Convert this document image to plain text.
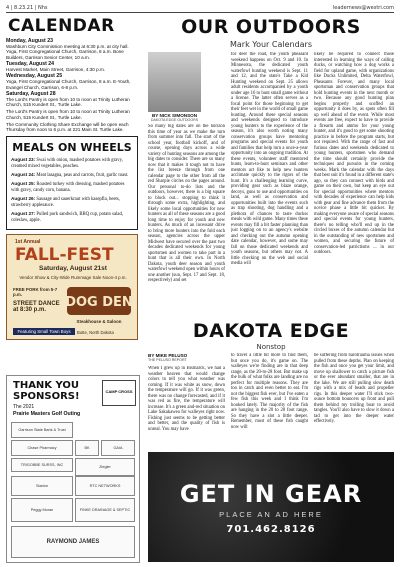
4 | 8.23.21 | Nhs	leadernews@westri.com
CALENDAR
Monday, August 23
Washburn City Commission meeting at 6:30 p.m. at city hall. Yoga, First Congregational Church, Garrison, 8 a.m. Bone Builders, Garrison Senior Center, 10 a.m.
Tuesday, August 24
Harvest Market, Main Street, Garrison, 4:30 p.m.
Wednesday, August 25
Yoga, First Congregational Church, Garrison, 8 a.m. E-Youth, Evangel Church, Garrison, 6-8 p.m.
Saturday, August 28
The Lord's Pantry is open from 10 to noon at Trinity Lutheran Church, 515 Kundert St., Turtle Lake.
The Lord's Pantry is open from 10 to noon at Trinity Lutheran Church, 515 Kundert St., Turtle Lake.
The Community Clothing Share Exchange will be open each Thursday from noon to 6 p.m. at 221 Main St. Turtle Lake.
MEALS ON WHEELS
August 23: Swai with onion, mashed potatoes with gravy, creamed mixed vegetables, peaches.
August 24: Meat lasagna, peas and carrots, fruit, garlic toast.
August 25: Roasted turkey with dressing, mashed potatoes with gravy, candy corn, banana.
August 26: Sausage and sauerkraut with kasepfla, beets, strawberry applesauce.
August 27: Pulled pork sandwich, BBQ cup, potato salad, coleslaw, apple.
1st Annual
FALL-FEST
Saturday, August 21st
Vendor Show & City-Wide Rummage Sale Noon-4 p.m.
FREE PORK from 5-7 p.m.
STREET DANCE at 8:30 p.m.
DOG DEN
Steakhouse & Saloon
Featuring Small Town Boys	Butte, North Dakota
THANK YOU SPONSORS!
The 2021
Prairie Masters Golf Outing
CAMP CROSS
Garrison State Bank & Trust
Chase Pharmacy	BK	GAIA
TRIGOBBE SURSS, INC	Ziegler
Starion	RTC NETWORKS
Peggy Moran	FINKE DRAINAGE & SEPTIC
RAYMOND JAMES
OUR OUTDOORS
Mark Your Calendars
BY NICK SIMONSON
DAKOTA EDGE OUTDOORS
So many big dates are on the horizon this time of year as we make the turn from summer into fall. The start of the school year, football kickoff, and of course, opening days across a wide variety of hunting seasons are among the big dates to consider. There are so many now that it makes it tough not to have the list breeze through from one calendar page to the other from all the red Sharpie circles on the pages around. Our personal to-do lists and the outdoors, however, there is a big square to block out... stopping to think it through some extra, highlighting, and likely some local opportunities for new hunters as all of these seasons are a good long time to enjoy for youth and new hunters. As much of an incessant drive to bring more hunters into the fold each season, agencies across the upper Midwest have secured over the past two decades dedicated weekends for young sportsmen and women to take part in a hunt that is all their own. In North Dakota, youth deer season and youth waterfowl weekend open within hours of one another (sun, Sept. 17 and Sept. 18, respectively) and set
for deer the road, the youth pheasant weekend happens on Oct. 9 and 10. In Minnesota, the dedicated youth waterfowl hunting weekend is Sept. 11 and 12, and the state's Take a Kid Hunting weekend on Sept. 25 allows adult residents accompanied by a youth under age 16 to hunt small game without a license. The latter often serves as a focal point for those beginning to get their feet wet in the world of small game hunting. Around these special seasons and weekends designed to introduce young hunters to the experience of the season, it's also worth noting many conservation groups have mentoring programs and special events for youth and families that help turn a once-a-year opportunity into an ongoing tradition. At these events, volunteer staff mentored hunts, learn-to-hunt seminars and other mentors act like to help new hunters acclimate quickly to the rigors of the hunt. It's a challenging learning curve, providing gear such as blaze orange, decoys, guns to use and opportunities on land, as well as conservation and opportunities built into the events such as trap shooting, dog handling and a plethora of chances to taste duckss meals with wild game. Many times these events may fill a bit faster planning than just logging on to an agency's website and checking out the autumn opening date calendar, however, and some may fall on those dedicated weekends and youth seasons, but others may not. A little checking on the web and social media will
likely be required to connect those interested in learning the ways of calling ducks, or watching how a dog works a field for upland game, with organizations like Ducks Unlimited, Delta Waterfowl, Pheasants Forever, and many local sportsman and conservation groups that hold hunting events in the next month or two. Because any good hunting plan begins properly and scoffed an opportunity it does by, as spots often fill up well ahead of the event. While most events are free, expect to have to provide a firearm and ammo for your young hunter, and it's good to get some shooting practice in before the program starts, but not required. With the range of fast and furious dates and weekends dedicated to young hunters, sportsmen who demand the time should certainly provide the techniques and pursuits in the coming weeks. Mark the calendar with the days that best suit it's found in a different state's ago, so they can connect with birds and game on their own, but keep an eye out for special opportunities where mentors with decades of experience can help kids with gear and fine advance them from the novice phase a little bit quicker. By making everyone aware of special seasons and special events for young hunters, there's no telling who'll end up in the circled boxes of the autumn calendar but in the outstanding of new sportsmen and women, and securing the future of conservation-led patrictisms ... in our outdoors.
DAKOTA EDGE
Nonstop
BY MIKE PELUSO
THE PELUSO REPORT
When I grew up in Bismarck, we had a weather heaven that would change colors to tell you what weather was coming. If it was white as snow, down the temperature will go. If it was green, there was no change forecasted, and if it was red as fire, the temperature will increase. It's a green and-red situation on Lake Sakakawea for walleyes right now. Fishing just seems to be getting better and better, and the quality of fish is unreal. You may have
to travel a little bit more to find them, but once you do, it's game on. The walleyes we're finding are in that deep range, as the 20-to-28 foot. But make up the bulk of what folks are landing are no perfect for multiple reasons. They are too in catch and even better to eat. I'm not the biggest fish ever, but I've eaten a few fish this week and I think I'm hooked lately. The majority of the fish are hanging in the 20 to 28 foot range. So they have a slot a little deeper. Remember, most of these fish caught now will
be suffering from barotrauma issues when pulled from these depths. Plan on keeping the fish and once you get your limit, and move up shallower to catch a picture fish or the ever abundant smaller, that are in the lake. We are still pulling slow death rigs with a mix of beads and propeller rigs. In this deeper water I'll stick two-ounce bottom bouncers up front and pull them behind my trolling boat to avoid tangles. You'll also have to slow it down a tad to get into the deeper water effectively.
GET IN GEAR
PLACE AN AD HERE
701.462.8126
